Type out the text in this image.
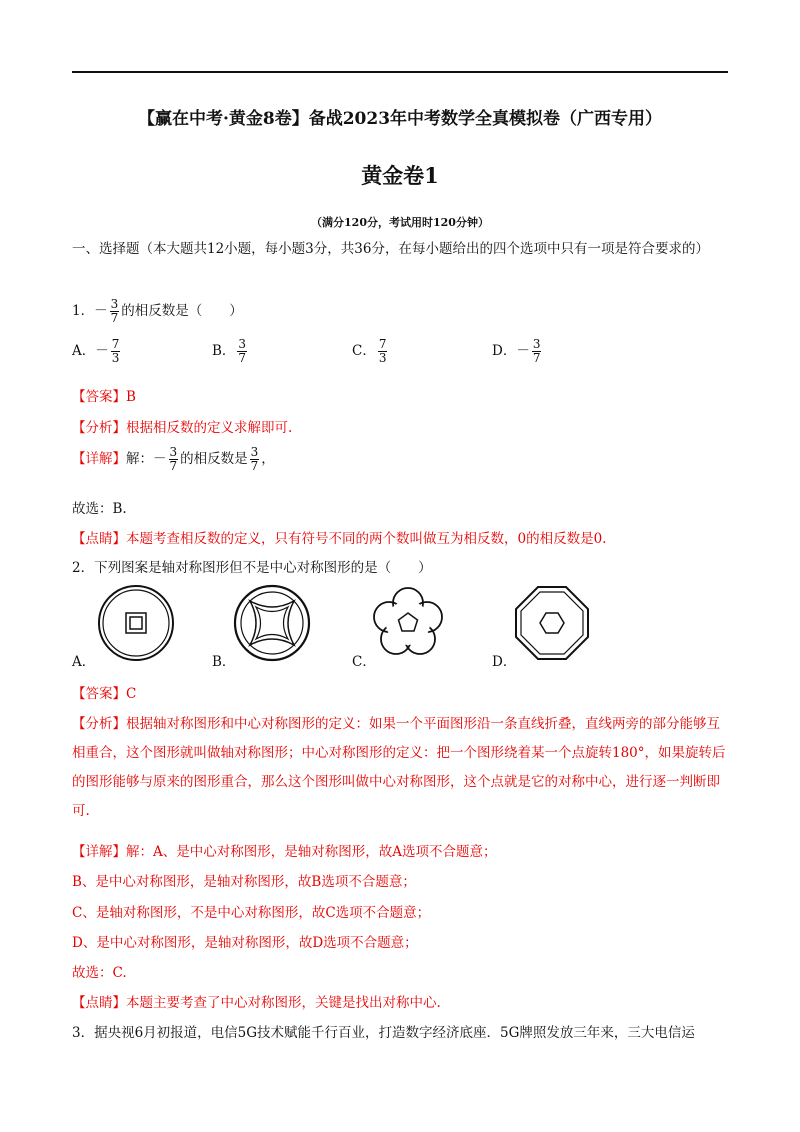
【赢在中考·黄金8卷】备战2023年中考数学全真模拟卷（广西专用）
黄金卷1
（满分120分，考试用时120分钟）
一、选择题（本大题共12小题，每小题3分，共36分，在每小题给出的四个选项中只有一项是符合要求的）
1．－ $\frac{3}{7}$ 的相反数是（　　）
A．－ $\frac{7}{3}$	B． $\frac{3}{7}$	C． $\frac{7}{3}$	D．－ $\frac{3}{7}$
【答案】B
【分析】根据相反数的定义求解即可.
【详解】解：－ $\frac{3}{7}$ 的相反数是 $\frac{3}{7}$ ，
故选：B.
【点睛】本题考查相反数的定义，只有符号不同的两个数叫做互为相反数，0的相反数是0.
2．下列图案是轴对称图形但不是中心对称图形的是（　　）
A．	B．	C．	D．
【答案】C
【分析】根据轴对称图形和中心对称图形的定义：如果一个平面图形沿一条直线折叠，直线两旁的部分能够互相重合，这个图形就叫做轴对称图形；中心对称图形的定义：把一个图形绕着某一个点旋转180°，如果旋转后的图形能够与原来的图形重合，那么这个图形叫做中心对称图形，这个点就是它的对称中心，进行逐一判断即可.
【详解】解：A、是中心对称图形，是轴对称图形，故A选项不合题意；
B、是中心对称图形，是轴对称图形，故B选项不合题意；
C、是轴对称图形，不是中心对称图形，故C选项不合题意；
D、是中心对称图形，是轴对称图形，故D选项不合题意；
故选：C.
【点睛】本题主要考查了中心对称图形，关键是找出对称中心.
3．据央视6月初报道，电信5G技术赋能千行百业，打造数字经济底座．5G牌照发放三年来，三大电信运
